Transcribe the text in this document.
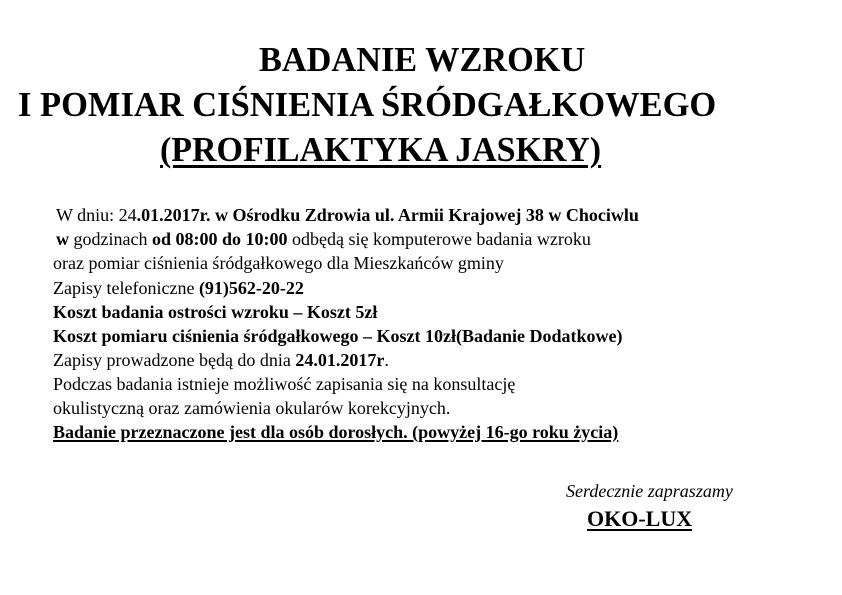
BADANIE WZROKU
I POMIAR CIŚNIENIA ŚRÓDGAŁKOWEGO
(PROFILAKTYKA JASKRY)
W dniu: 24.01.2017r. w Ośrodku Zdrowia ul. Armii Krajowej 38 w Chociwlu
w godzinach od 08:00 do 10:00 odbędą się komputerowe badania wzroku
oraz pomiar ciśnienia śródgałkowego dla Mieszkańców gminy
Zapisy telefoniczne (91)562-20-22
Koszt badania ostrości wzroku – Koszt 5zł
Koszt pomiaru ciśnienia śródgałkowego – Koszt 10zł(Badanie Dodatkowe)
Zapisy prowadzone będą do dnia 24.01.2017r.
Podczas badania istnieje możliwość zapisania się na konsultację
okulistyczną oraz zamówienia okularów korekcyjnych.
Badanie przeznaczone jest dla osób dorosłych. (powyżej 16-go roku życia)
Serdecznie zapraszamy
OKO-LUX
